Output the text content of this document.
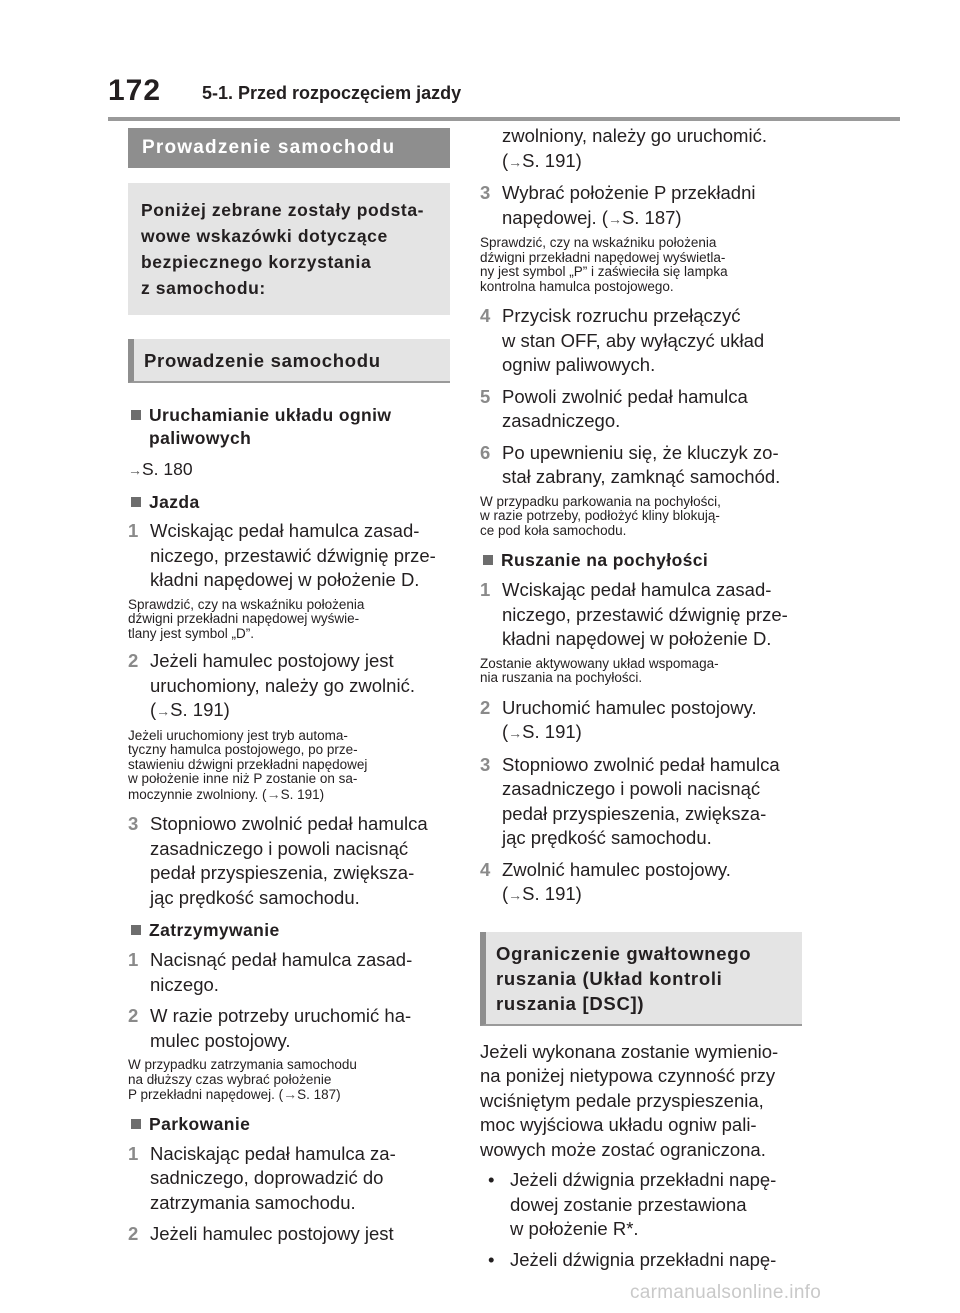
172 5-1. Przed rozpoczęciem jazdy
Prowadzenie samochodu
Poniżej zebrane zostały podsta-
wowe wskazówki dotyczące
bezpiecznego korzystania
z samochodu:
Prowadzenie samochodu
Uruchamianie układu ogniw
paliwowych
→S. 180
Jazda
1 Wciskając pedał hamulca zasad-
niczego, przestawić dźwignię prze-
kładni napędowej w położenie D.
Sprawdzić, czy na wskaźniku położenia
dźwigni przekładni napędowej wyświe-
tlany jest symbol „D”.
2 Jeżeli hamulec postojowy jest
uruchomiony, należy go zwolnić.
(→S. 191)
Jeżeli uruchomiony jest tryb automa-
tyczny hamulca postojowego, po prze-
stawieniu dźwigni przekładni napędowej
w położenie inne niż P zostanie on sa-
moczynnie zwolniony. (→S. 191)
3 Stopniowo zwolnić pedał hamulca
zasadniczego i powoli nacisnąć
pedał przyspieszenia, zwiększa-
jąc prędkość samochodu.
Zatrzymywanie
1 Nacisnąć pedał hamulca zasad-
niczego.
2 W razie potrzeby uruchomić ha-
mulec postojowy.
W przypadku zatrzymania samochodu
na dłuższy czas wybrać położenie
P przekładni napędowej. (→S. 187)
Parkowanie
1 Naciskając pedał hamulca za-
sadniczego, doprowadzić do
zatrzymania samochodu.
2 Jeżeli hamulec postojowy jest
zwolniony, należy go uruchomić.
(→S. 191)
3 Wybrać położenie P przekładni
napędowej. (→S. 187)
Sprawdzić, czy na wskaźniku położenia
dźwigni przekładni napędowej wyświetla-
ny jest symbol „P” i zaświeciła się lampka
kontrolna hamulca postojowego.
4 Przycisk rozruchu przełączyć
w stan OFF, aby wyłączyć układ
ogniw paliwowych.
5 Powoli zwolnić pedał hamulca
zasadniczego.
6 Po upewnieniu się, że kluczyk zo-
stał zabrany, zamknąć samochód.
W przypadku parkowania na pochyłości,
w razie potrzeby, podłożyć kliny blokują-
ce pod koła samochodu.
Ruszanie na pochyłości
1 Wciskając pedał hamulca zasad-
niczego, przestawić dźwignię prze-
kładni napędowej w położenie D.
Zostanie aktywowany układ wspomaga-
nia ruszania na pochyłości.
2 Uruchomić hamulec postojowy.
(→S. 191)
3 Stopniowo zwolnić pedał hamulca
zasadniczego i powoli nacisnąć
pedał przyspieszenia, zwiększa-
jąc prędkość samochodu.
4 Zwolnić hamulec postojowy.
(→S. 191)
Ograniczenie gwałtownego
ruszania (Układ kontroli
ruszania [DSC])
Jeżeli wykonana zostanie wymienio-
na poniżej nietypowa czynność przy
wciśniętym pedale przyspieszenia,
moc wyjściowa układu ogniw pali-
wowych może zostać ograniczona.
• Jeżeli dźwignia przekładni napę-
dowej zostanie przestawiona
w położenie R*.
• Jeżeli dźwignia przekładni napę-
carmanualsonline.info
